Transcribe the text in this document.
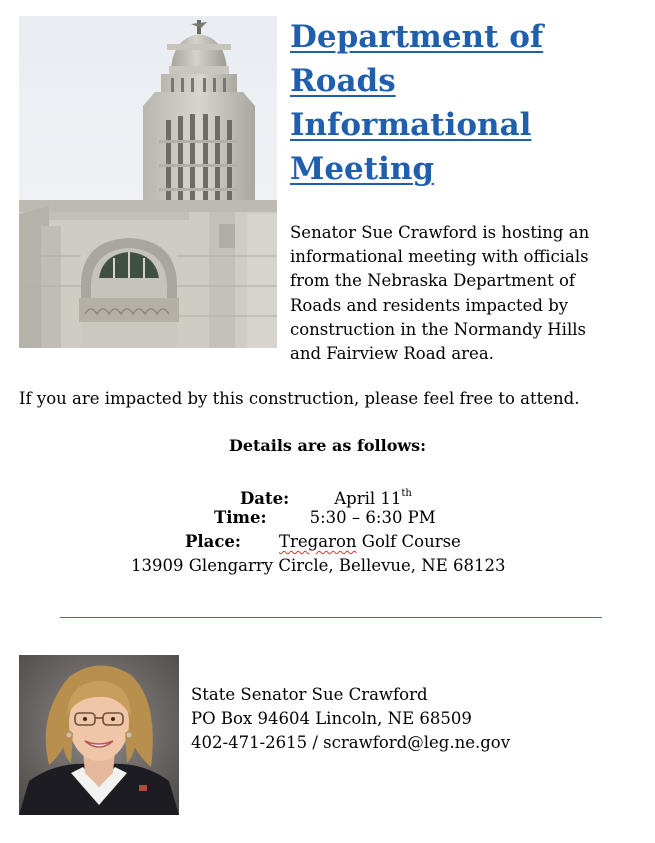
Department of
Roads
Informational
Meeting

Senator Sue Crawford is hosting an
informational meeting with officials
from the Nebraska Department of
Roads and residents impacted by
construction in the Normandy Hills
and Fairview Road area.

If you are impacted by this construction, please feel free to attend.

Details are as follows:

Date:	April 11th
Time:	5:30 – 6:30 PM
Place: Tregaron Golf Course
13909 Glengarry Circle, Bellevue, NE 68123

State Senator Sue Crawford
PO Box 94604 Lincoln, NE 68509
402-471-2615 / scrawford@leg.ne.gov
